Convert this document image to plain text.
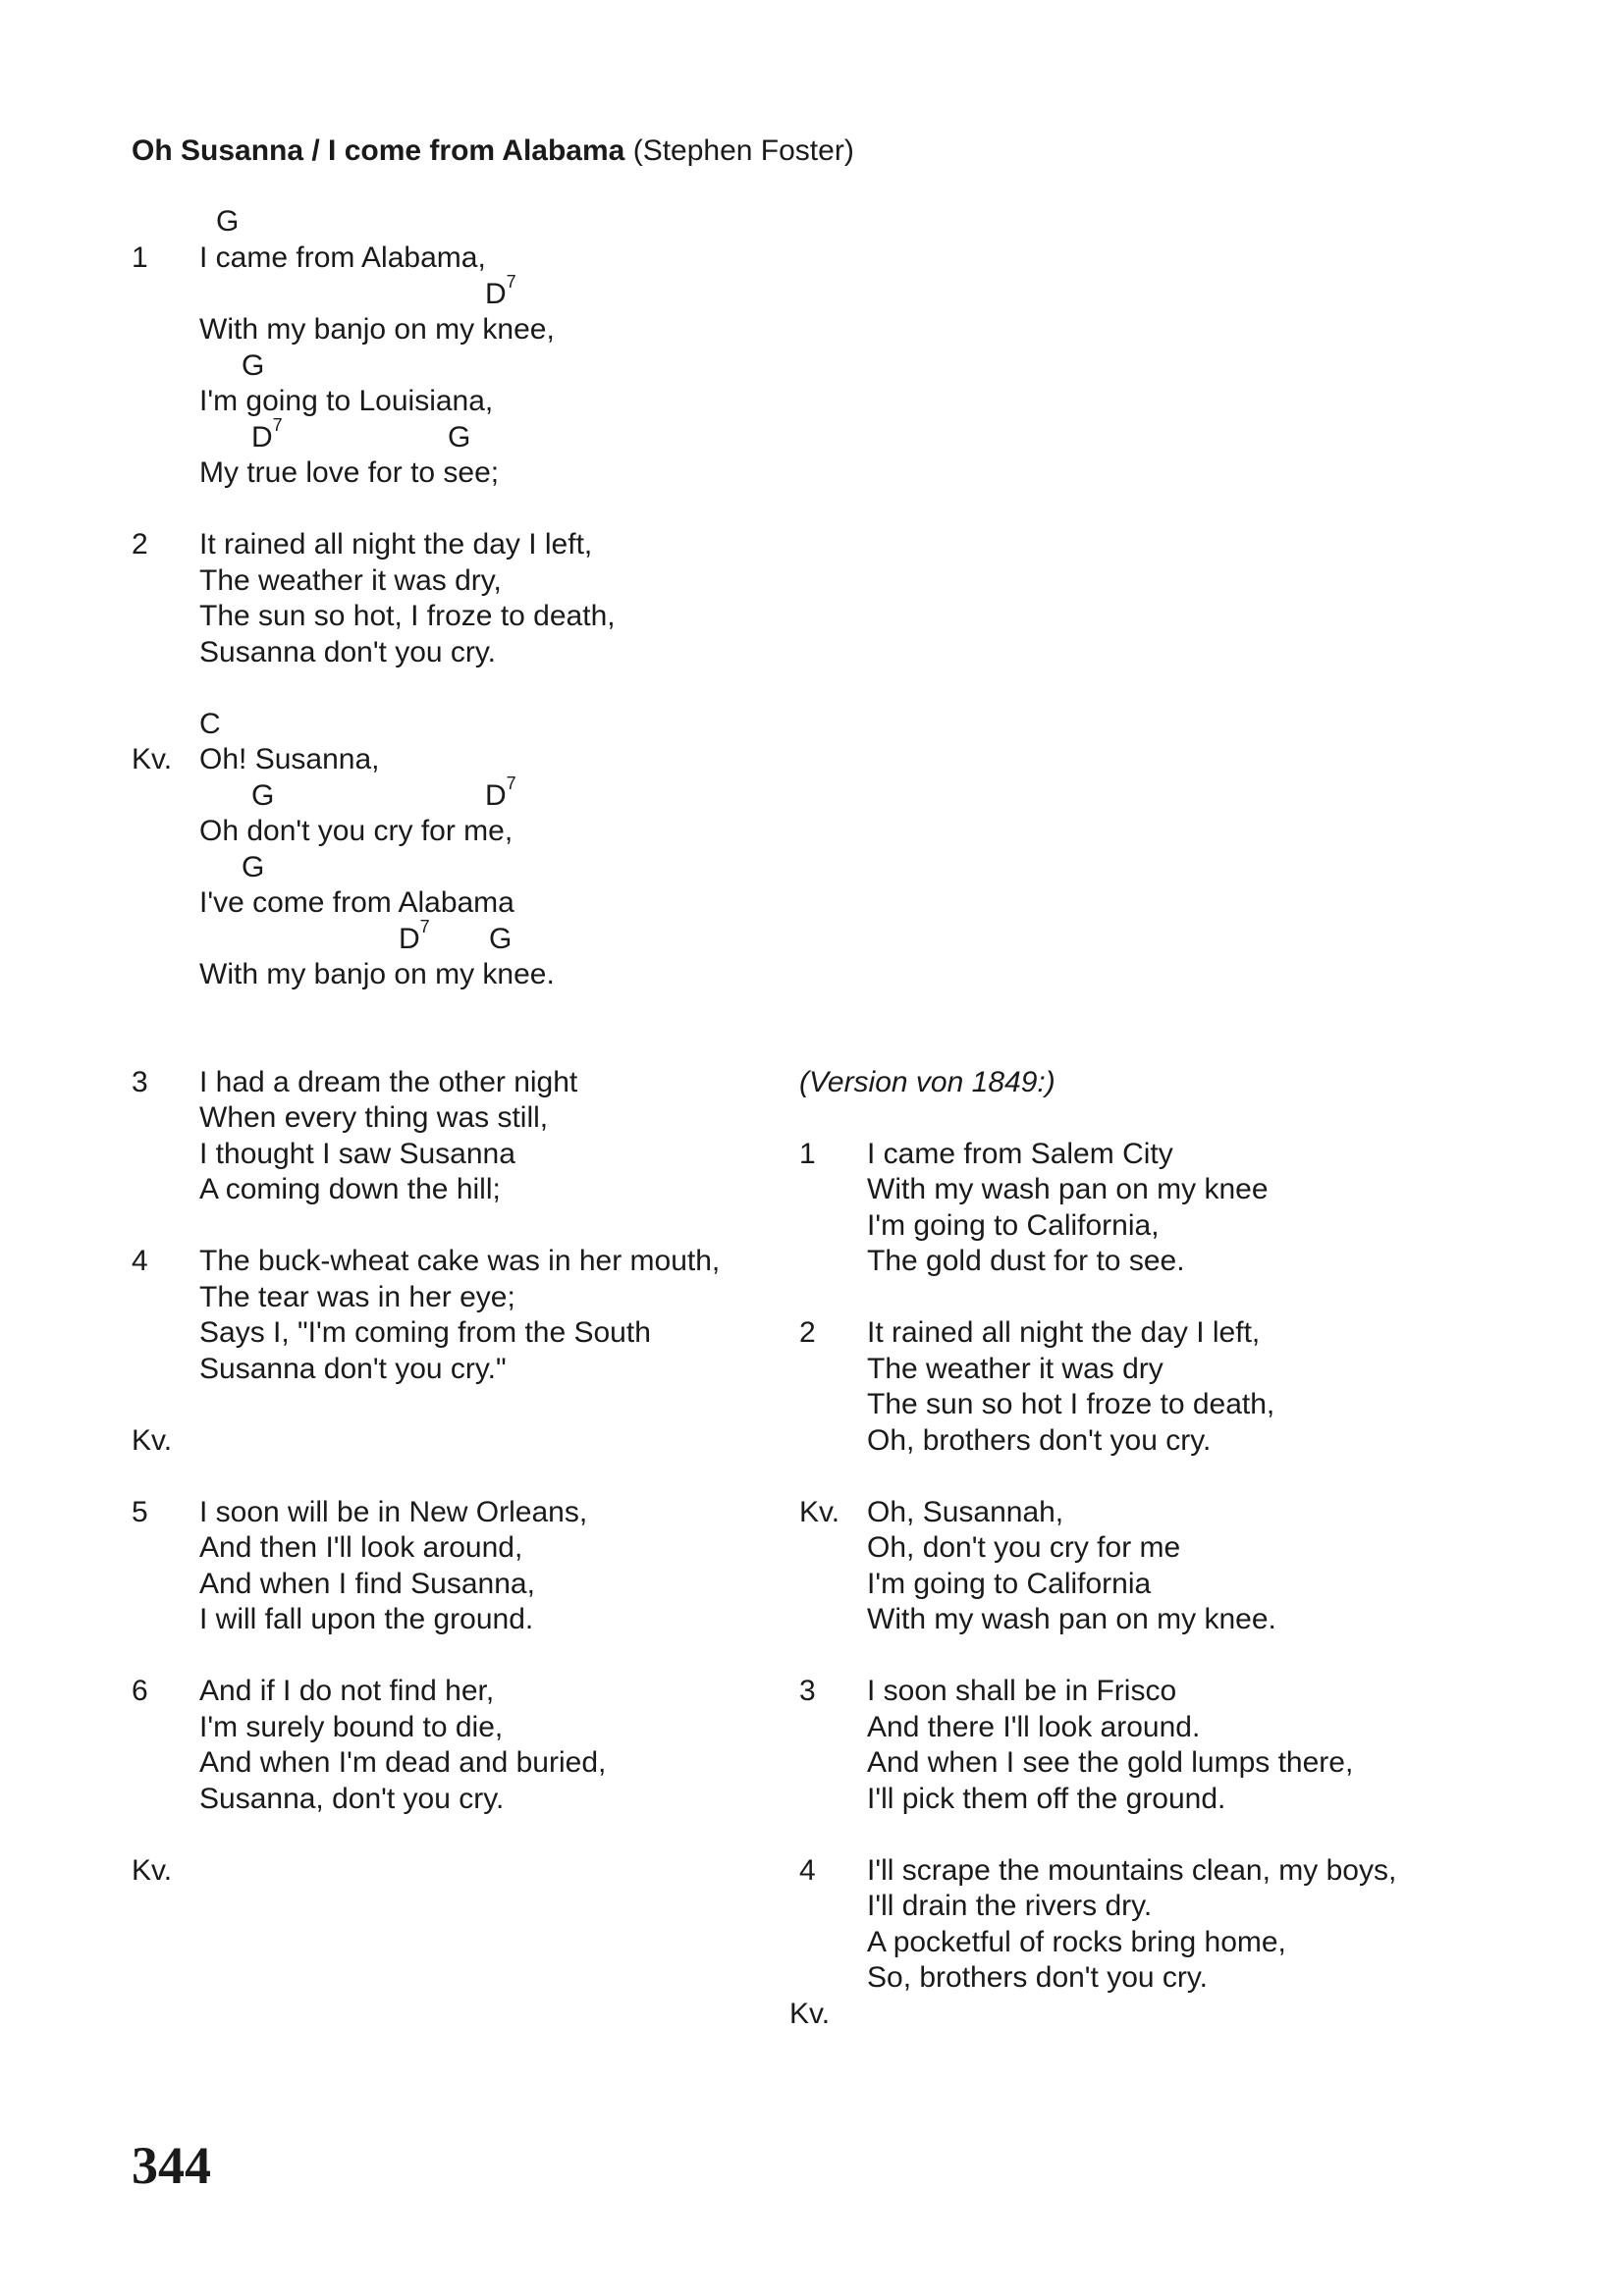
Oh Susanna / I come from Alabama (Stephen Foster)
G
1 I came from Alabama,
$D^7$
With my banjo on my knee,
G
I'm going to Louisiana,
$D^7$	G
My true love for to see;
2 It rained all night the day I left,
The weather it was dry,
The sun so hot, I froze to death,
Susanna don't you cry.
C
Kv. Oh! Susanna,
G	$D^7$
Oh don't you cry for me,
G
I've come from Alabama
$D^7$ G
With my banjo on my knee.
3 I had a dream the other night
When every thing was still,
I thought I saw Susanna
A coming down the hill;
4 The buck-wheat cake was in her mouth,
The tear was in her eye;
Says I, "I'm coming from the South
Susanna don't you cry."
Kv.
5 I soon will be in New Orleans,
And then I'll look around,
And when I find Susanna,
I will fall upon the ground.
6 And if I do not find her,
I'm surely bound to die,
And when I'm dead and buried,
Susanna, don't you cry.
Kv.
(Version von 1849:)
1 I came from Salem City
With my wash pan on my knee
I'm going to California,
The gold dust for to see.
2 It rained all night the day I left,
The weather it was dry
The sun so hot I froze to death,
Oh, brothers don't you cry.
Kv. Oh, Susannah,
Oh, don't you cry for me
I'm going to California
With my wash pan on my knee.
3 I soon shall be in Frisco
And there I'll look around.
And when I see the gold lumps there,
I'll pick them off the ground.
4 I'll scrape the mountains clean, my boys,
I'll drain the rivers dry.
A pocketful of rocks bring home,
So, brothers don't you cry.
Kv.
344
